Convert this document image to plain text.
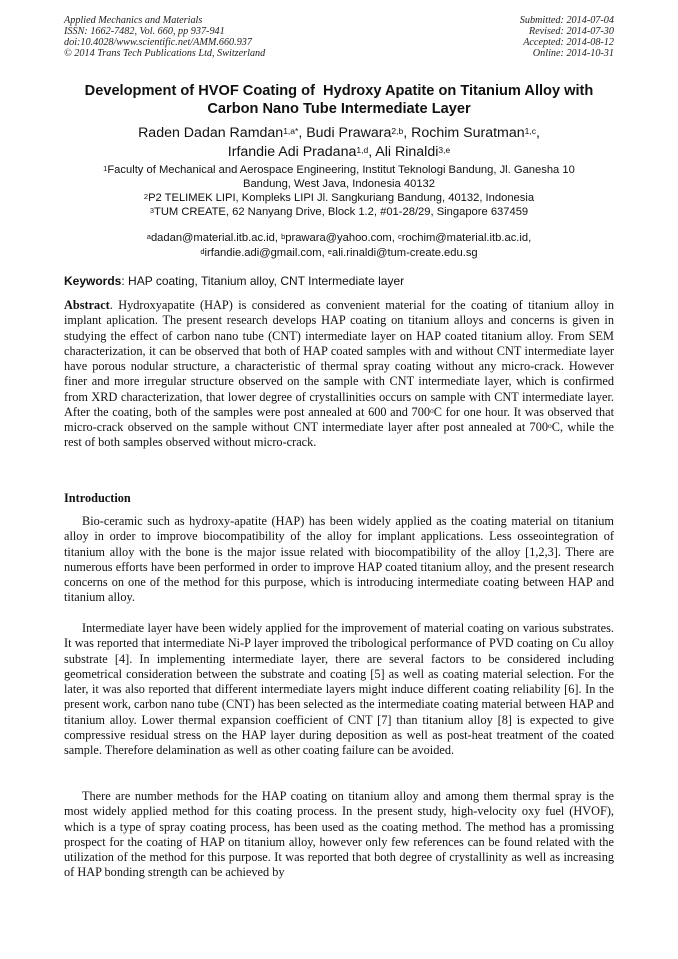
Applied Mechanics and Materials
ISSN: 1662-7482, Vol. 660, pp 937-941
doi:10.4028/www.scientific.net/AMM.660.937
© 2014 Trans Tech Publications Ltd, Switzerland
Submitted: 2014-07-04
Revised: 2014-07-30
Accepted: 2014-08-12
Online: 2014-10-31
Development of HVOF Coating of  Hydroxy Apatite on Titanium Alloy with
Carbon Nano Tube Intermediate Layer
Raden Dadan Ramdan$^{1,a*}$, Budi Prawara$^{2,b}$, Rochim Suratman$^{1,c}$,
Irfandie Adi Pradana$^{1,d}$, Ali Rinaldi$^{3,e}$
$^1$Faculty of Mechanical and Aerospace Engineering, Institut Teknologi Bandung, Jl. Ganesha 10
Bandung, West Java, Indonesia 40132
$^2$P2 TELIMEK LIPI, Kompleks LIPI Jl. Sangkuriang Bandung, 40132, Indonesia
$^3$TUM CREATE, 62 Nanyang Drive, Block 1.2, #01-28/29, Singapore 637459
$^a$dadan@material.itb.ac.id, $^b$prawara@yahoo.com, $^c$rochim@material.itb.ac.id,
$^d$irfandie.adi@gmail.com, $^e$ali.rinaldi@tum-create.edu.sg
Keywords: HAP coating, Titanium alloy, CNT Intermediate layer
Abstract. Hydroxyapatite (HAP) is considered as convenient material for the coating of titanium alloy in implant aplication. The present research develops HAP coating on titanium alloys and concerns is given in studying the effect of carbon nano tube (CNT) intermediate layer on HAP coated titanium alloy. From SEM characterization, it can be observed that both of HAP coated samples with and without CNT intermediate layer have porous nodular structure, a characteristic of thermal spray coating without any micro-crack. However finer and more irregular structure observed on the sample with CNT intermediate layer, which is confirmed from XRD characterization, that lower degree of crystallinities occurs on sample with CNT intermediate layer. After the coating, both of the samples were post annealed at 600 and 700$^o$C for one hour. It was observed that micro-crack observed on the sample without CNT intermediate layer after post annealed at 700$^o$C, while the rest of both samples observed without micro-crack.
Introduction
Bio-ceramic such as hydroxy-apatite (HAP) has been widely applied as the coating material on titanium alloy in order to improve biocompatibility of the alloy for implant applications. Less osseointegration of titanium alloy with the bone is the major issue related with biocompatibility of the alloy [1,2,3]. There are numerous efforts have been performed in order to improve HAP coated titanium alloy, and the present research concerns on one of the method for this purpose, which is introducing intermediate coating between HAP and titanium alloy.
Intermediate layer have been widely applied for the improvement of material coating on various substrates. It was reported that intermediate Ni-P layer improved the tribological performance of PVD coating on Cu alloy substrate [4]. In implementing intermediate layer, there are several factors to be considered including geometrical consideration between the substrate and coating [5] as well as coating material selection. For the later, it was also reported that different intermediate layers might induce different coating reliability [6]. In the present work, carbon nano tube (CNT) has been selected as the intermediate coating material between HAP and titanium alloy. Lower thermal expansion coefficient of CNT [7] than titanium alloy [8] is expected to give compressive residual stress on the HAP layer during deposition as well as post-heat treatment of the coated sample. Therefore delamination as well as other coating failure can be avoided.
There are number methods for the HAP coating on titanium alloy and among them thermal spray is the most widely applied method for this coating process. In the present study, high-velocity oxy fuel (HVOF), which is a type of spray coating process, has been used as the coating method. The method has a promissing prospect for the coating of HAP on titanium alloy, however only few references can be found related with the utilization of the method for this purpose. It was reported that both degree of crystallinity as well as increasing of HAP bonding strength can be achieved by
